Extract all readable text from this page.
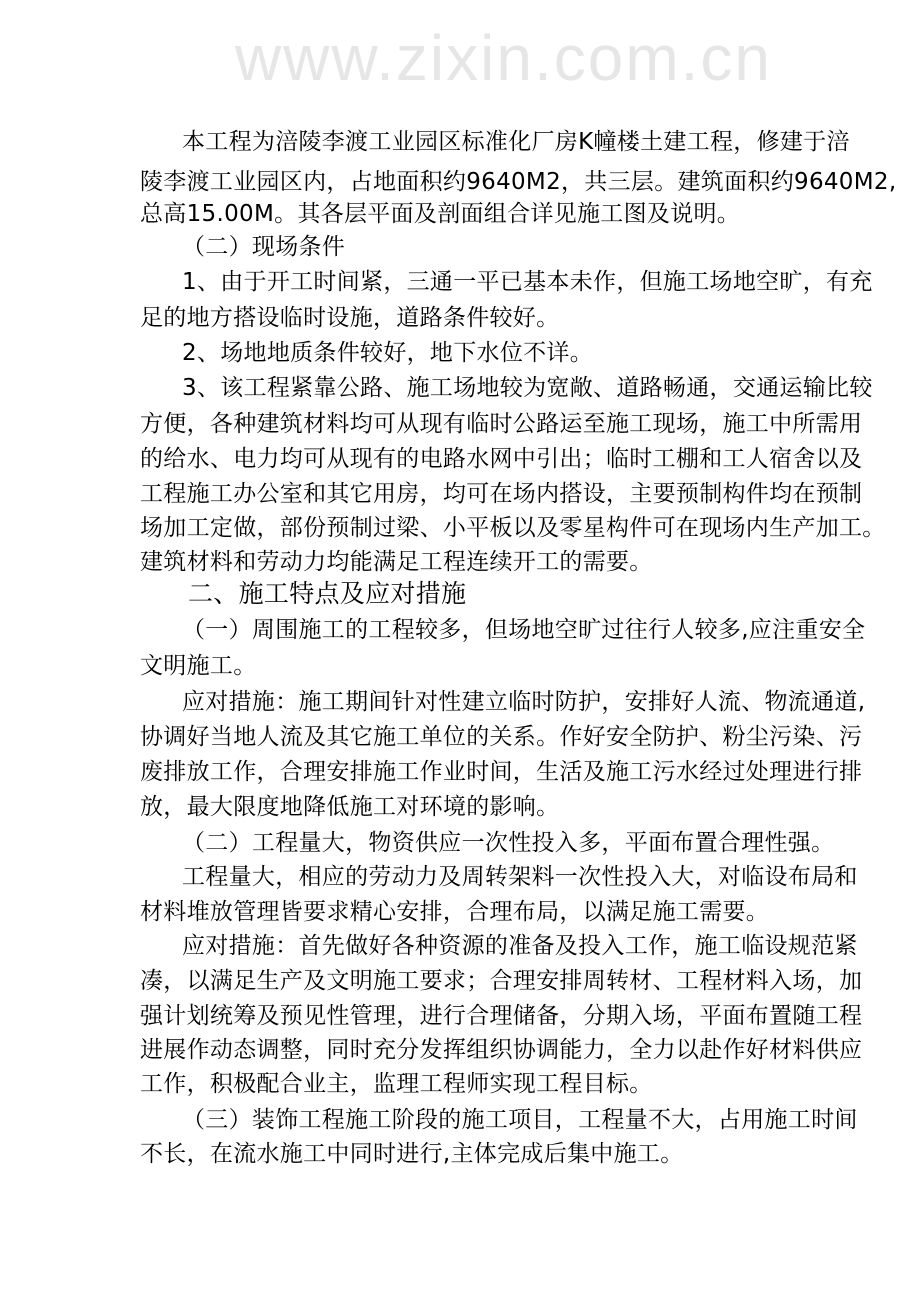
www.zixin.com.cn
本工程为涪陵李渡工业园区标准化厂房K幢楼土建工程，修建于涪
陵李渡工业园区内，占地面积约9640M2，共三层。建筑面积约9640M2,
总高15.00M。其各层平面及剖面组合详见施工图及说明。
（二）现场条件
1、由于开工时间紧，三通一平已基本未作，但施工场地空旷，有充
足的地方搭设临时设施，道路条件较好。
2、场地地质条件较好，地下水位不详。
3、该工程紧靠公路、施工场地较为宽敞、道路畅通，交通运输比较
方便，各种建筑材料均可从现有临时公路运至施工现场，施工中所需用
的给水、电力均可从现有的电路水网中引出；临时工棚和工人宿舍以及
工程施工办公室和其它用房，均可在场内搭设，主要预制构件均在预制
场加工定做，部份预制过梁、小平板以及零星构件可在现场内生产加工。
建筑材料和劳动力均能满足工程连续开工的需要。
二、施工特点及应对措施
（一）周围施工的工程较多，但场地空旷过往行人较多,应注重安全
文明施工。
应对措施：施工期间针对性建立临时防护，安排好人流、物流通道,
协调好当地人流及其它施工单位的关系。作好安全防护、粉尘污染、污
废排放工作，合理安排施工作业时间，生活及施工污水经过处理进行排
放，最大限度地降低施工对环境的影响。
（二）工程量大，物资供应一次性投入多，平面布置合理性强。
工程量大，相应的劳动力及周转架料一次性投入大，对临设布局和
材料堆放管理皆要求精心安排，合理布局，以满足施工需要。
应对措施：首先做好各种资源的准备及投入工作，施工临设规范紧
凑，以满足生产及文明施工要求；合理安排周转材、工程材料入场，加
强计划统筹及预见性管理，进行合理储备，分期入场，平面布置随工程
进展作动态调整，同时充分发挥组织协调能力，全力以赴作好材料供应
工作，积极配合业主，监理工程师实现工程目标。
（三）装饰工程施工阶段的施工项目，工程量不大，占用施工时间
不长，在流水施工中同时进行,主体完成后集中施工。
